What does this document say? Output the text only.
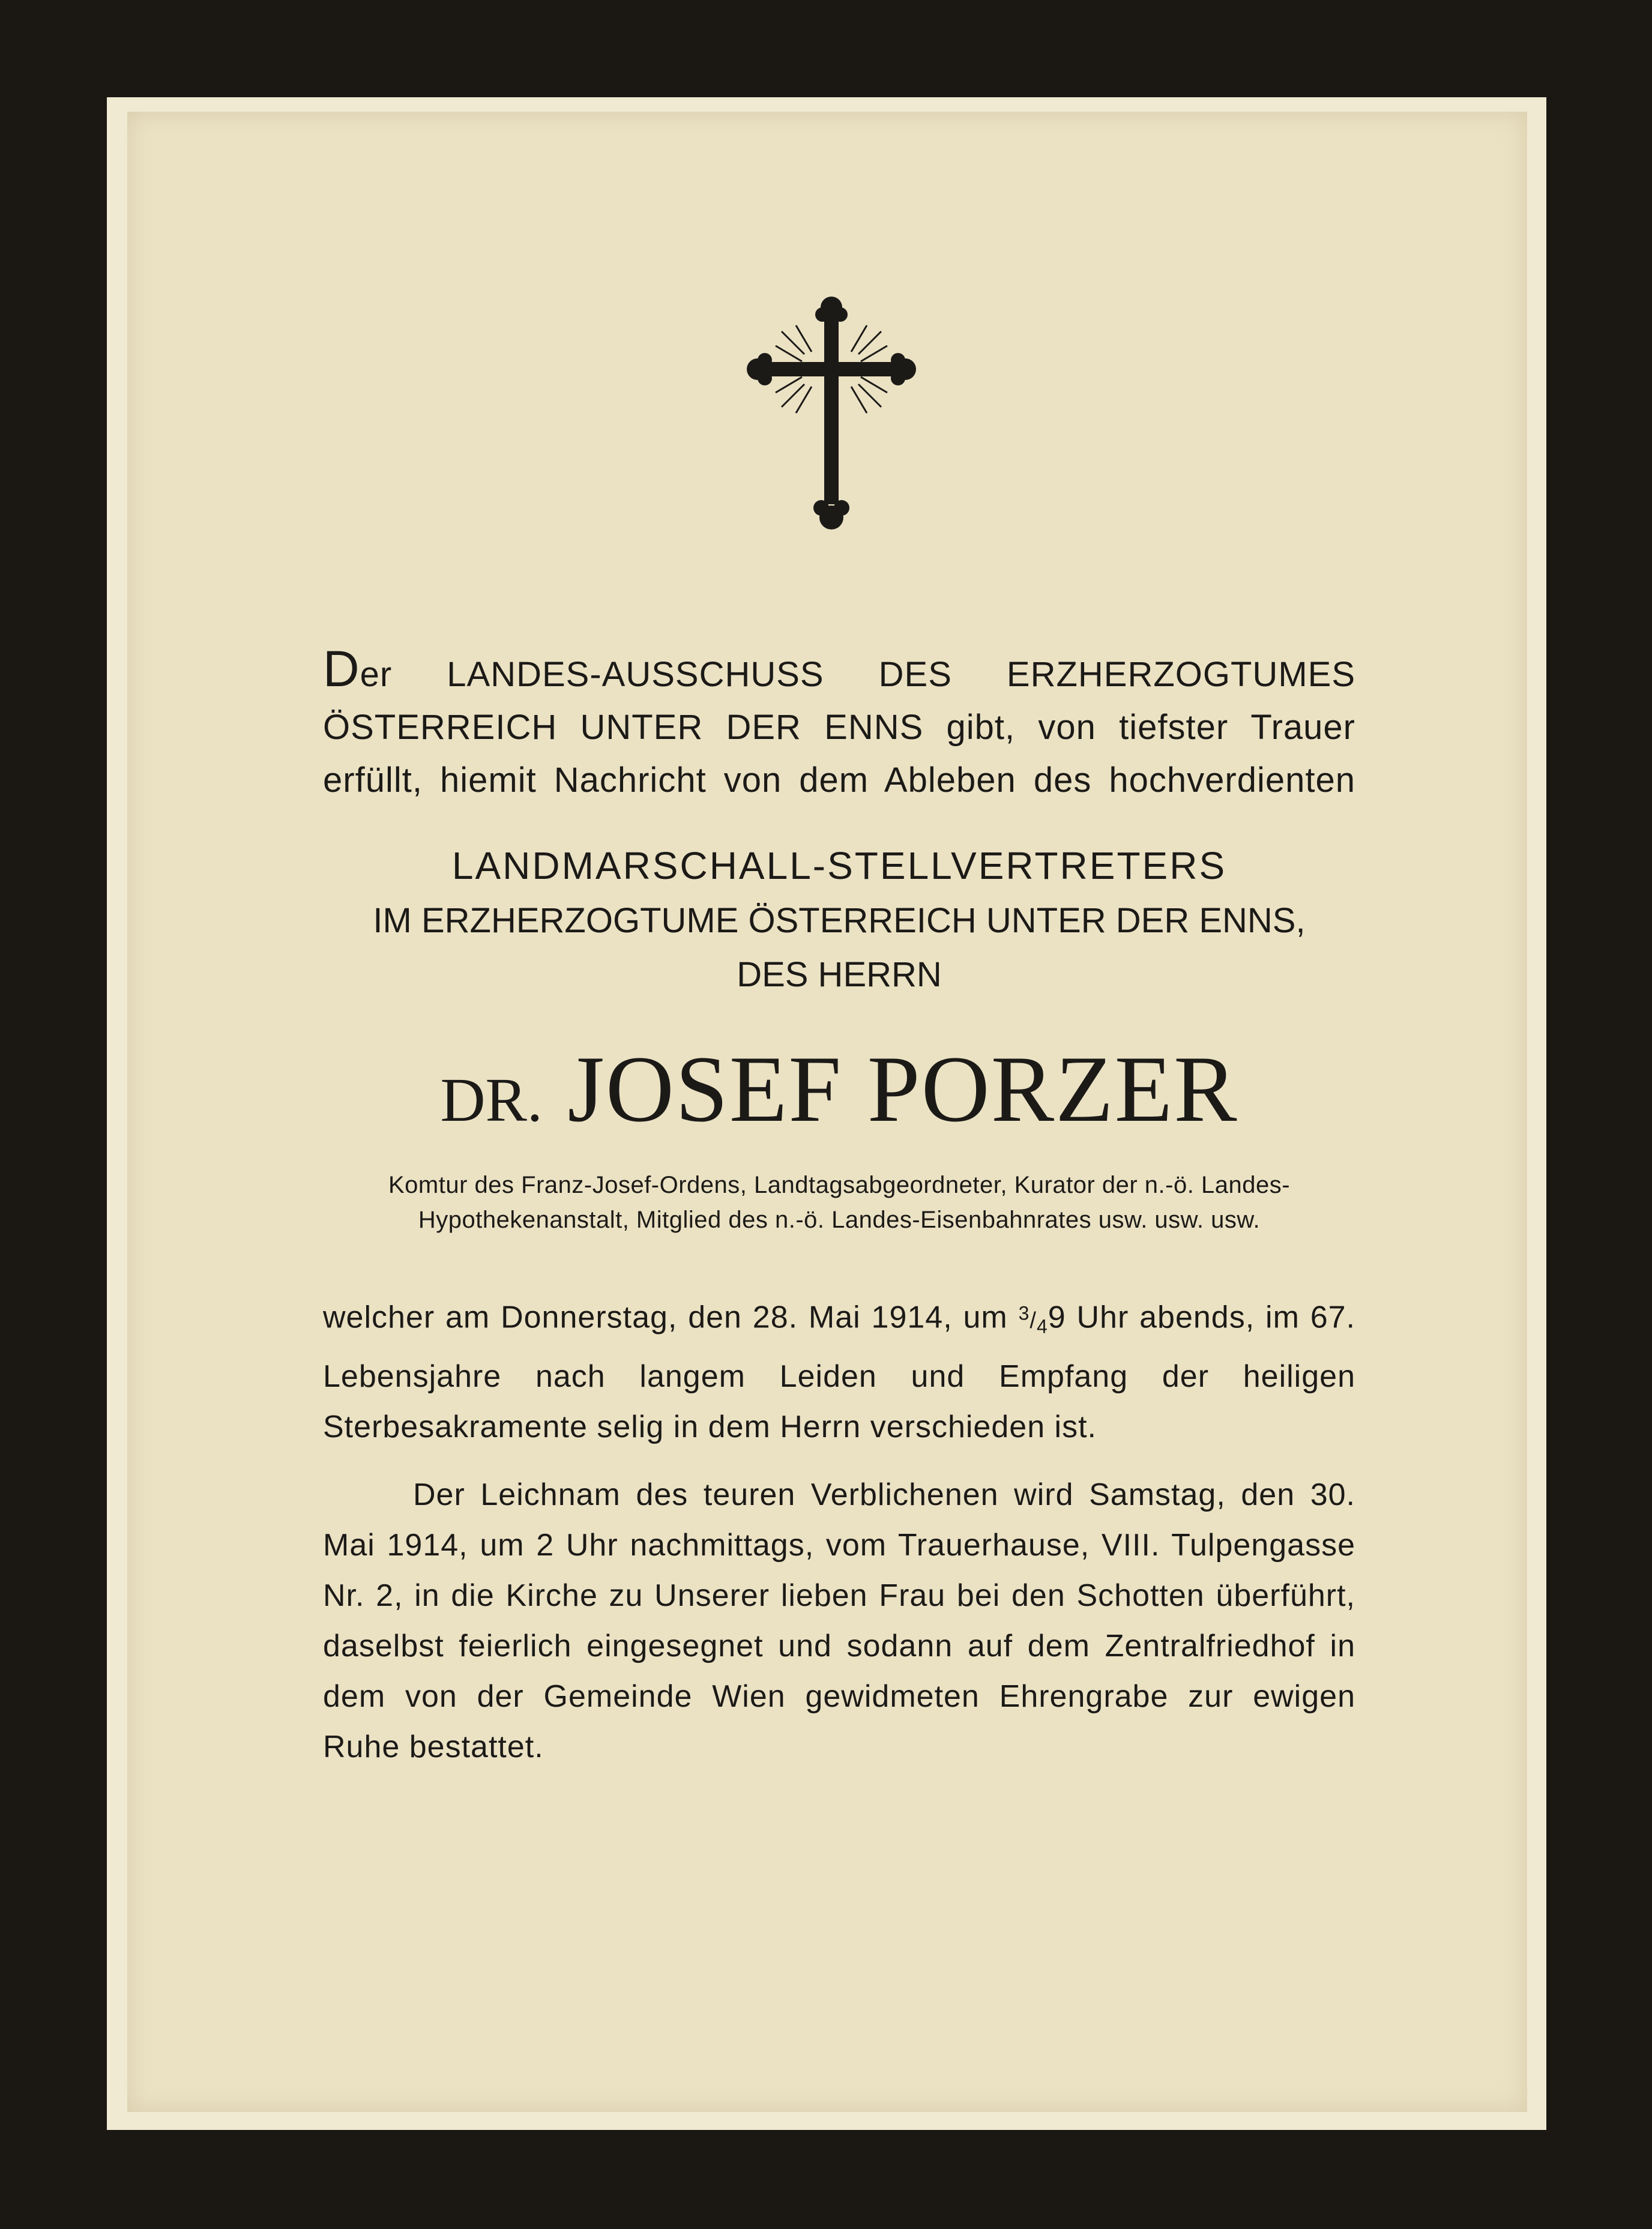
Der LANDES-AUSSCHUSS DES ERZHERZOGTUMES
ÖSTERREICH UNTER DER ENNS gibt, von tiefster Trauer
erfüllt, hiemit Nachricht von dem Ableben des hochverdienten
LANDMARSCHALL-STELLVERTRETERS
IM ERZHERZOGTUME ÖSTERREICH UNTER DER ENNS,
DES HERRN
DR. JOSEF PORZER
Komtur des Franz-Josef-Ordens, Landtagsabgeordneter, Kurator der n.-ö. Landes-
Hypothekenanstalt, Mitglied des n.-ö. Landes-Eisenbahnrates usw. usw. usw.
welcher am Donnerstag, den 28. Mai 1914, um $^3/_49$ Uhr abends, im 67. Lebensjahre nach langem Leiden und Empfang der heiligen Sterbesakramente selig in dem Herrn verschieden ist.
Der Leichnam des teuren Verblichenen wird Samstag, den 30. Mai 1914, um 2 Uhr nachmittags, vom Trauerhause, VIII. Tulpengasse Nr. 2, in die Kirche zu Unserer lieben Frau bei den Schotten überführt, daselbst feierlich eingesegnet und sodann auf dem Zentralfriedhof in dem von der Gemeinde Wien gewidmeten Ehrengrabe zur ewigen Ruhe bestattet.
